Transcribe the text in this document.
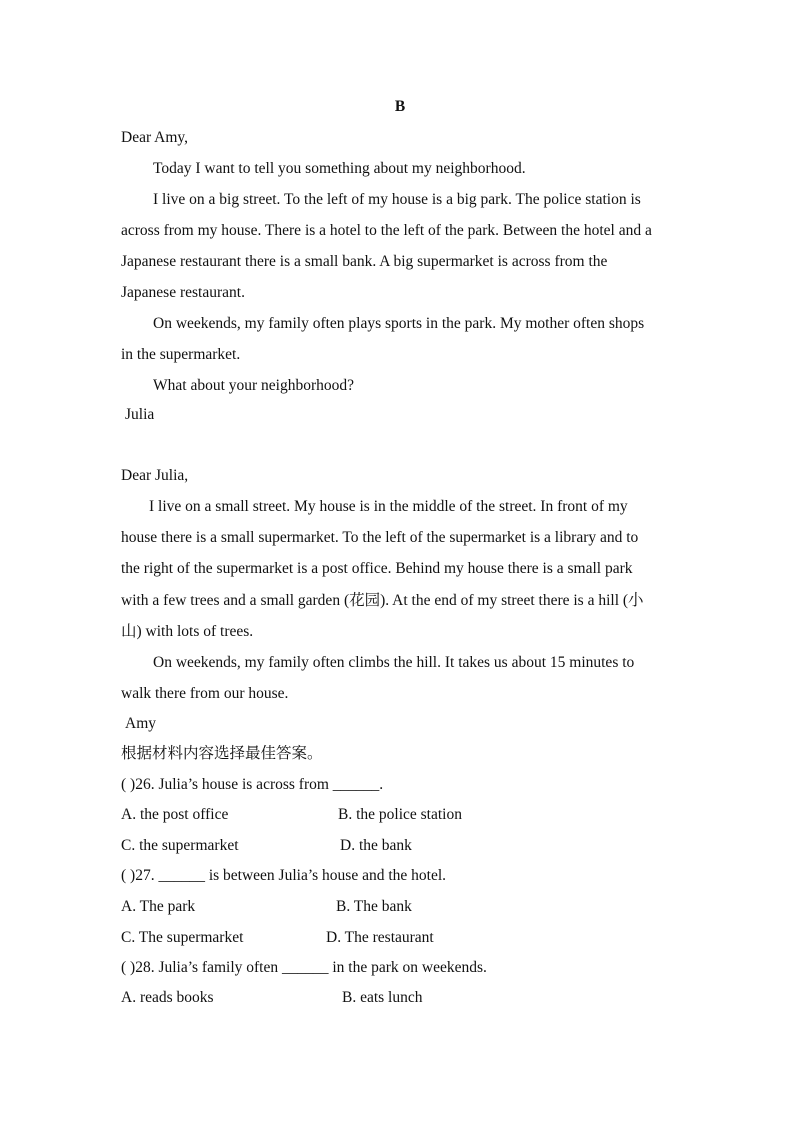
B
Dear Amy,
Today I want to tell you something about my neighborhood.
I live on a big street. To the left of my house is a big park. The police station is
across from my house. There is a hotel to the left of the park. Between the hotel and a
Japanese restaurant there is a small bank. A big supermarket is across from the
Japanese restaurant.
On weekends, my family often plays sports in the park. My mother often shops
in the supermarket.
What about your neighborhood?
Julia
Dear Julia,
I live on a small street. My house is in the middle of the street. In front of my
house there is a small supermarket. To the left of the supermarket is a library and to
the right of the supermarket is a post office. Behind my house there is a small park
with a few trees and a small garden (花园). At the end of my street there is a hill (小
山) with lots of trees.
On weekends, my family often climbs the hill. It takes us about 15 minutes to
walk there from our house.
Amy
根据材料内容选择最佳答案。
( )26. Julia’s house is across from ______.
A. the post office	B. the police station
C. the supermarket	D. the bank
( )27. ______ is between Julia’s house and the hotel.
A. The park	B. The bank
C. The supermarket	D. The restaurant
( )28. Julia’s family often ______ in the park on weekends.
A. reads books	B. eats lunch
